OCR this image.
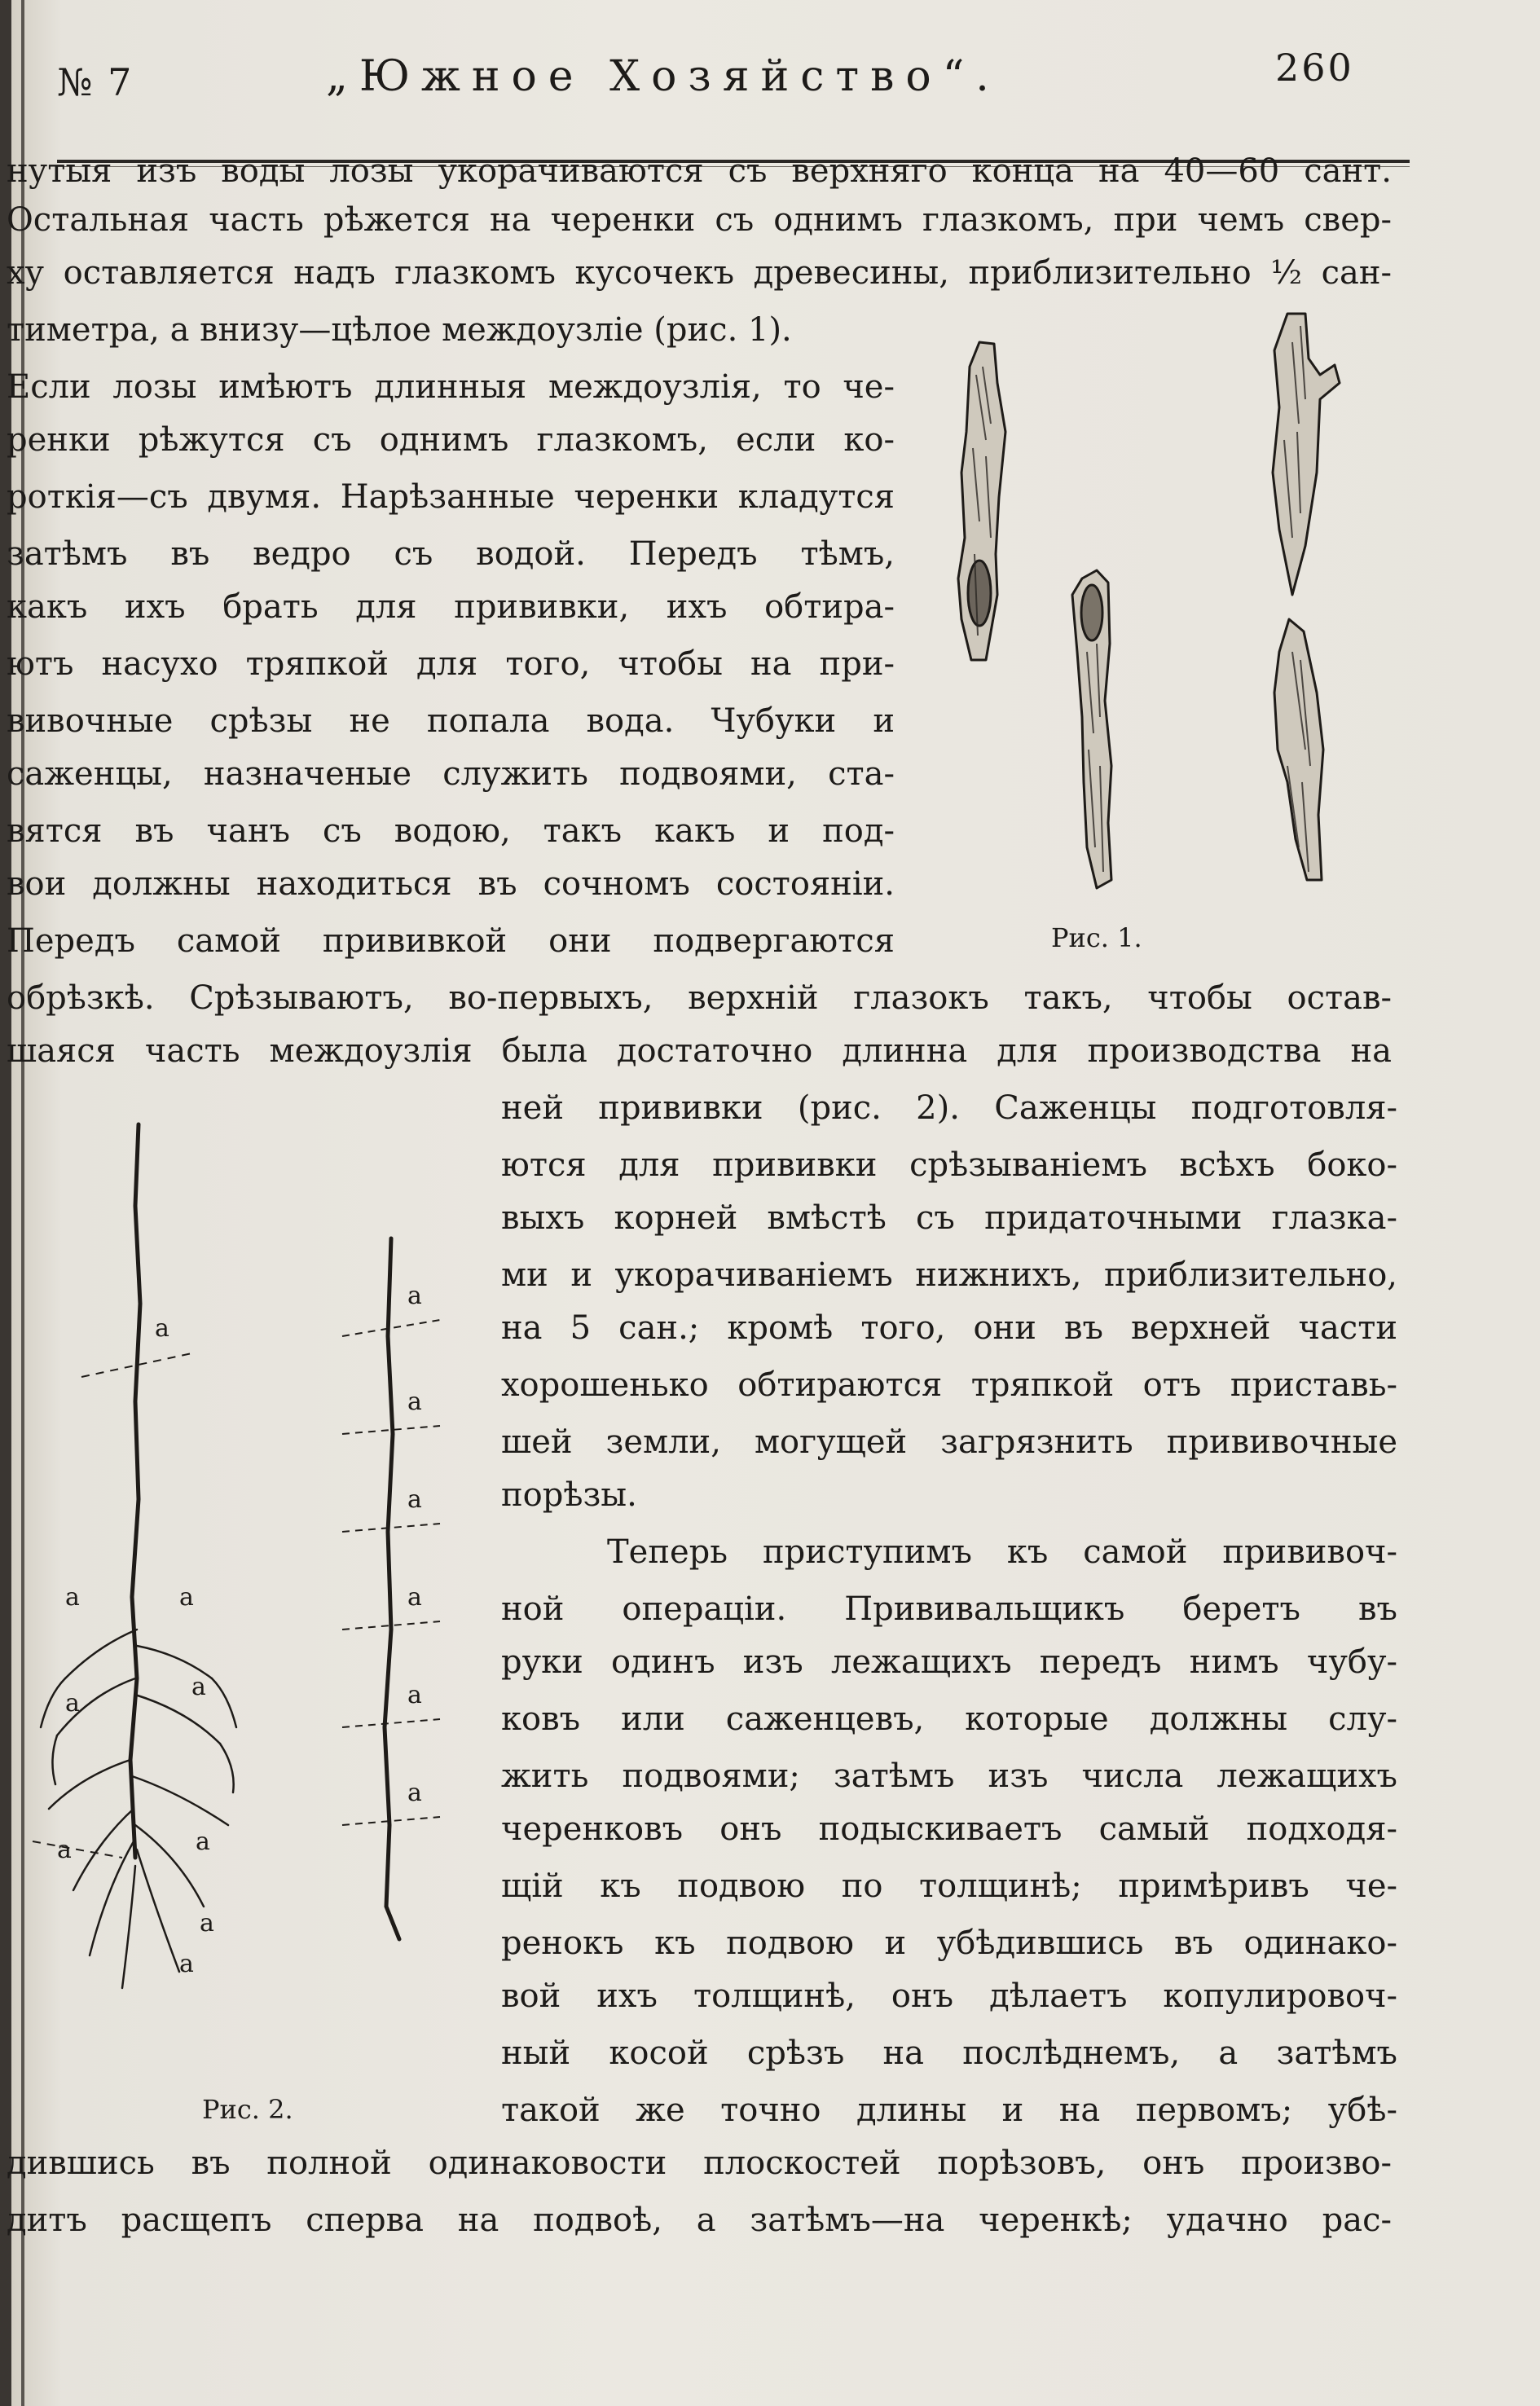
№ 7	„Южное Хозяйство“.	260
нутыя изъ воды лозы укорачиваются съ верхняго конца на 40—60 сант.
Остальная часть рѣжется на черенки съ однимъ глазкомъ, при чемъ свер-
ху оставляется надъ глазкомъ кусочекъ древесины, приблизительно ½ сан-
тиметра, а внизу—цѣлое междоузліе (рис. 1).
Если лозы имѣютъ длинныя междоузлія, то че-
ренки рѣжутся съ однимъ глазкомъ, если ко-
роткія—съ двумя. Нарѣзанные черенки кладутся
затѣмъ въ ведро съ водой. Передъ тѣмъ,
какъ ихъ брать для прививки, ихъ обтира-
ютъ насухо тряпкой для того, чтобы на при-
вивочные срѣзы не попала вода. Чубуки и
саженцы, назначеные служить подвоями, ста-
вятся въ чанъ съ водою, такъ какъ и под-
вои должны находиться въ сочномъ состояніи.
Передъ самой прививкой они подвергаются
обрѣзкѣ. Срѣзываютъ, во-первыхъ, верхній глазокъ такъ, чтобы остав-
шаяся часть междоузлія была достаточно длинна для производства на
ней прививки (рис. 2). Саженцы подготовля-
ются для прививки срѣзываніемъ всѣхъ боко-
выхъ корней вмѣстѣ съ придаточными глазка-
ми и укорачиваніемъ нижнихъ, приблизительно,
на 5 сан.; кромѣ того, они въ верхней части
хорошенько обтираются тряпкой отъ приставь-
шей земли, могущей загрязнить прививочные
порѣзы.
Теперь приступимъ къ самой прививоч-
ной операціи. Прививальщикъ беретъ въ
руки одинъ изъ лежащихъ передъ нимъ чубу-
ковъ или саженцевъ, которые должны слу-
жить подвоями; затѣмъ изъ числа лежащихъ
черенковъ онъ подыскиваетъ самый подходя-
щій къ подвою по толщинѣ; примѣривъ че-
ренокъ къ подвою и убѣдившись въ одинако-
вой ихъ толщинѣ, онъ дѣлаетъ копулировоч-
ный косой срѣзъ на послѣднемъ, а затѣмъ
такой же точно длины и на первомъ; убѣ-
дившись въ полной одинаковости плоскостей порѣзовъ, онъ произво-
дитъ расщепъ сперва на подвоѣ, а затѣмъ—на черенкѣ; удачно рас-
Рис. 1.
a
a	a
a
a
a	a
a
a
a
a
a
a
a
a
Рис. 2.
